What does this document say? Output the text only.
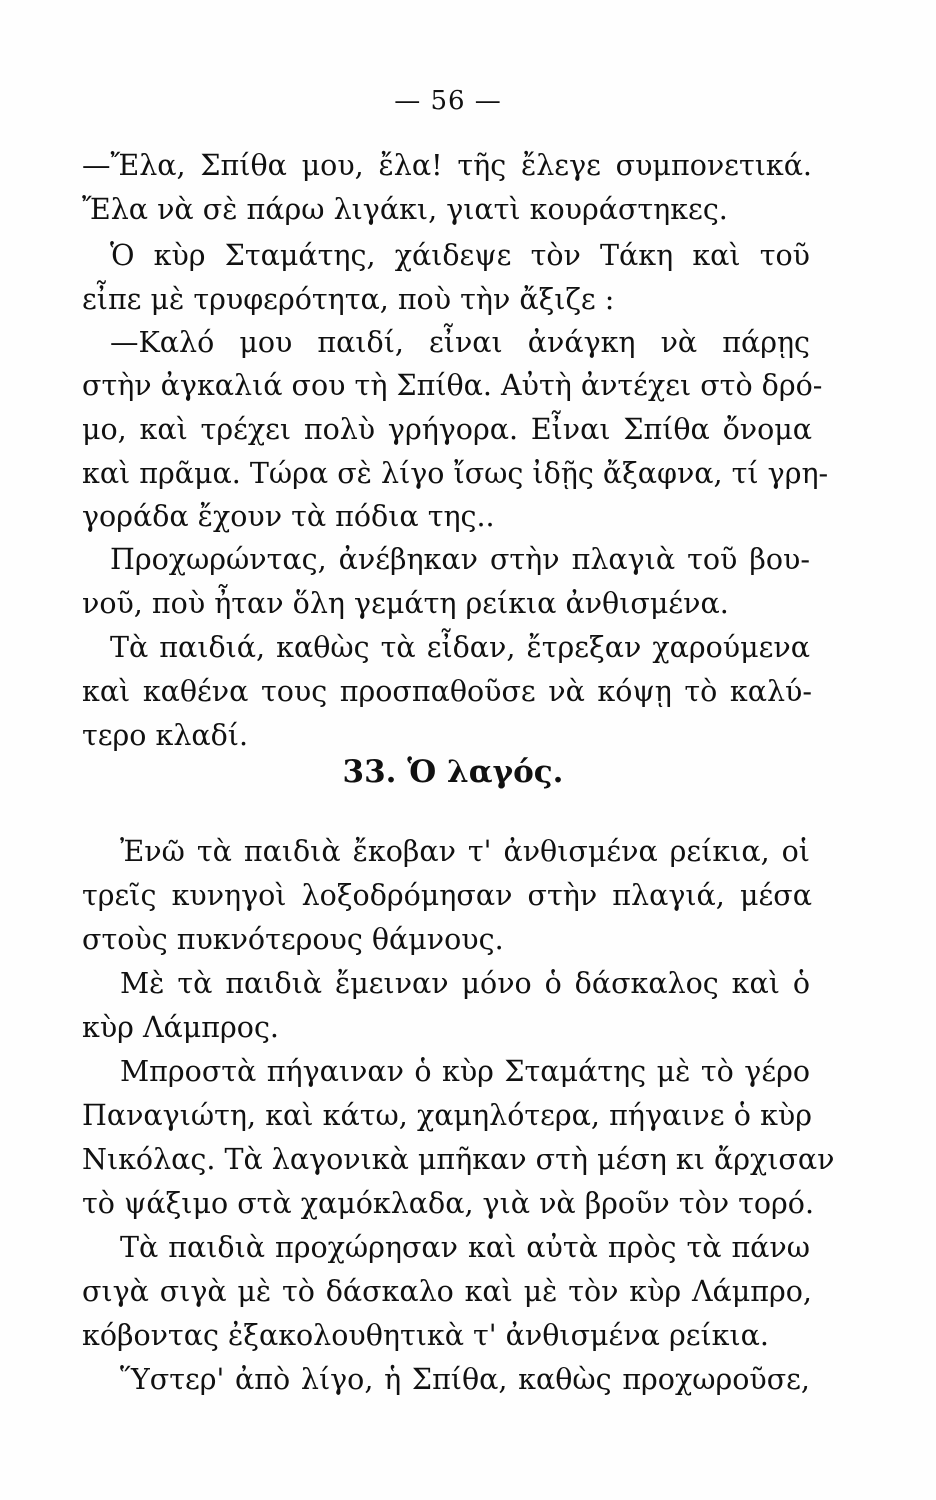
— 56 —
—Ἔλα, Σπίθα μου, ἔλα! τῆς ἔλεγε συμπονετικά.
Ἔλα νὰ σὲ πάρω λιγάκι, γιατὶ κουράστηκες.
Ὁ κὺρ Σταμάτης, χάιδεψε τὸν Τάκη καὶ τοῦ
εἶπε μὲ τρυφερότητα, ποὺ τὴν ἄξιζε :
—Καλό μου παιδί, εἶναι ἀνάγκη νὰ πάρῃς
στὴν ἀγκαλιά σου τὴ Σπίθα. Αὐτὴ ἀντέχει στὸ δρό-
μο, καὶ τρέχει πολὺ γρήγορα. Εἶναι Σπίθα ὄνομα
καὶ πρᾶμα. Τώρα σὲ λίγο ἴσως ἰδῇς ἄξαφνα, τί γρη-
γοράδα ἔχουν τὰ πόδια της..
Προχωρώντας, ἀνέβηκαν στὴν πλαγιὰ τοῦ βου-
νοῦ, ποὺ ἦταν ὅλη γεμάτη ρείκια ἀνθισμένα.
Τὰ παιδιά, καθὼς τὰ εἶδαν, ἔτρεξαν χαρούμενα
καὶ καθένα τους προσπαθοῦσε νὰ κόψῃ τὸ καλύ-
τερο κλαδί.
33. Ὁ λαγός.
Ἐνῶ τὰ παιδιὰ ἔκοβαν τ' ἀνθισμένα ρείκια, οἱ
τρεῖς κυνηγοὶ λοξοδρόμησαν στὴν πλαγιά, μέσα
στοὺς πυκνότερους θάμνους.
Μὲ τὰ παιδιὰ ἔμειναν μόνο ὁ δάσκαλος καὶ ὁ
κὺρ Λάμπρος.
Μπροστὰ πήγαιναν ὁ κὺρ Σταμάτης μὲ τὸ γέρο
Παναγιώτη, καὶ κάτω, χαμηλότερα, πήγαινε ὁ κὺρ
Νικόλας. Τὰ λαγονικὰ μπῆκαν στὴ μέση κι ἄρχισαν
τὸ ψάξιμο στὰ χαμόκλαδα, γιὰ νὰ βροῦν τὸν τορό.
Τὰ παιδιὰ προχώρησαν καὶ αὐτὰ πρὸς τὰ πάνω
σιγὰ σιγὰ μὲ τὸ δάσκαλο καὶ μὲ τὸν κὺρ Λάμπρο,
κόβοντας ἐξακολουθητικὰ τ' ἀνθισμένα ρείκια.
Ὕστερ' ἀπὸ λίγο, ἡ Σπίθα, καθὼς προχωροῦσε,
